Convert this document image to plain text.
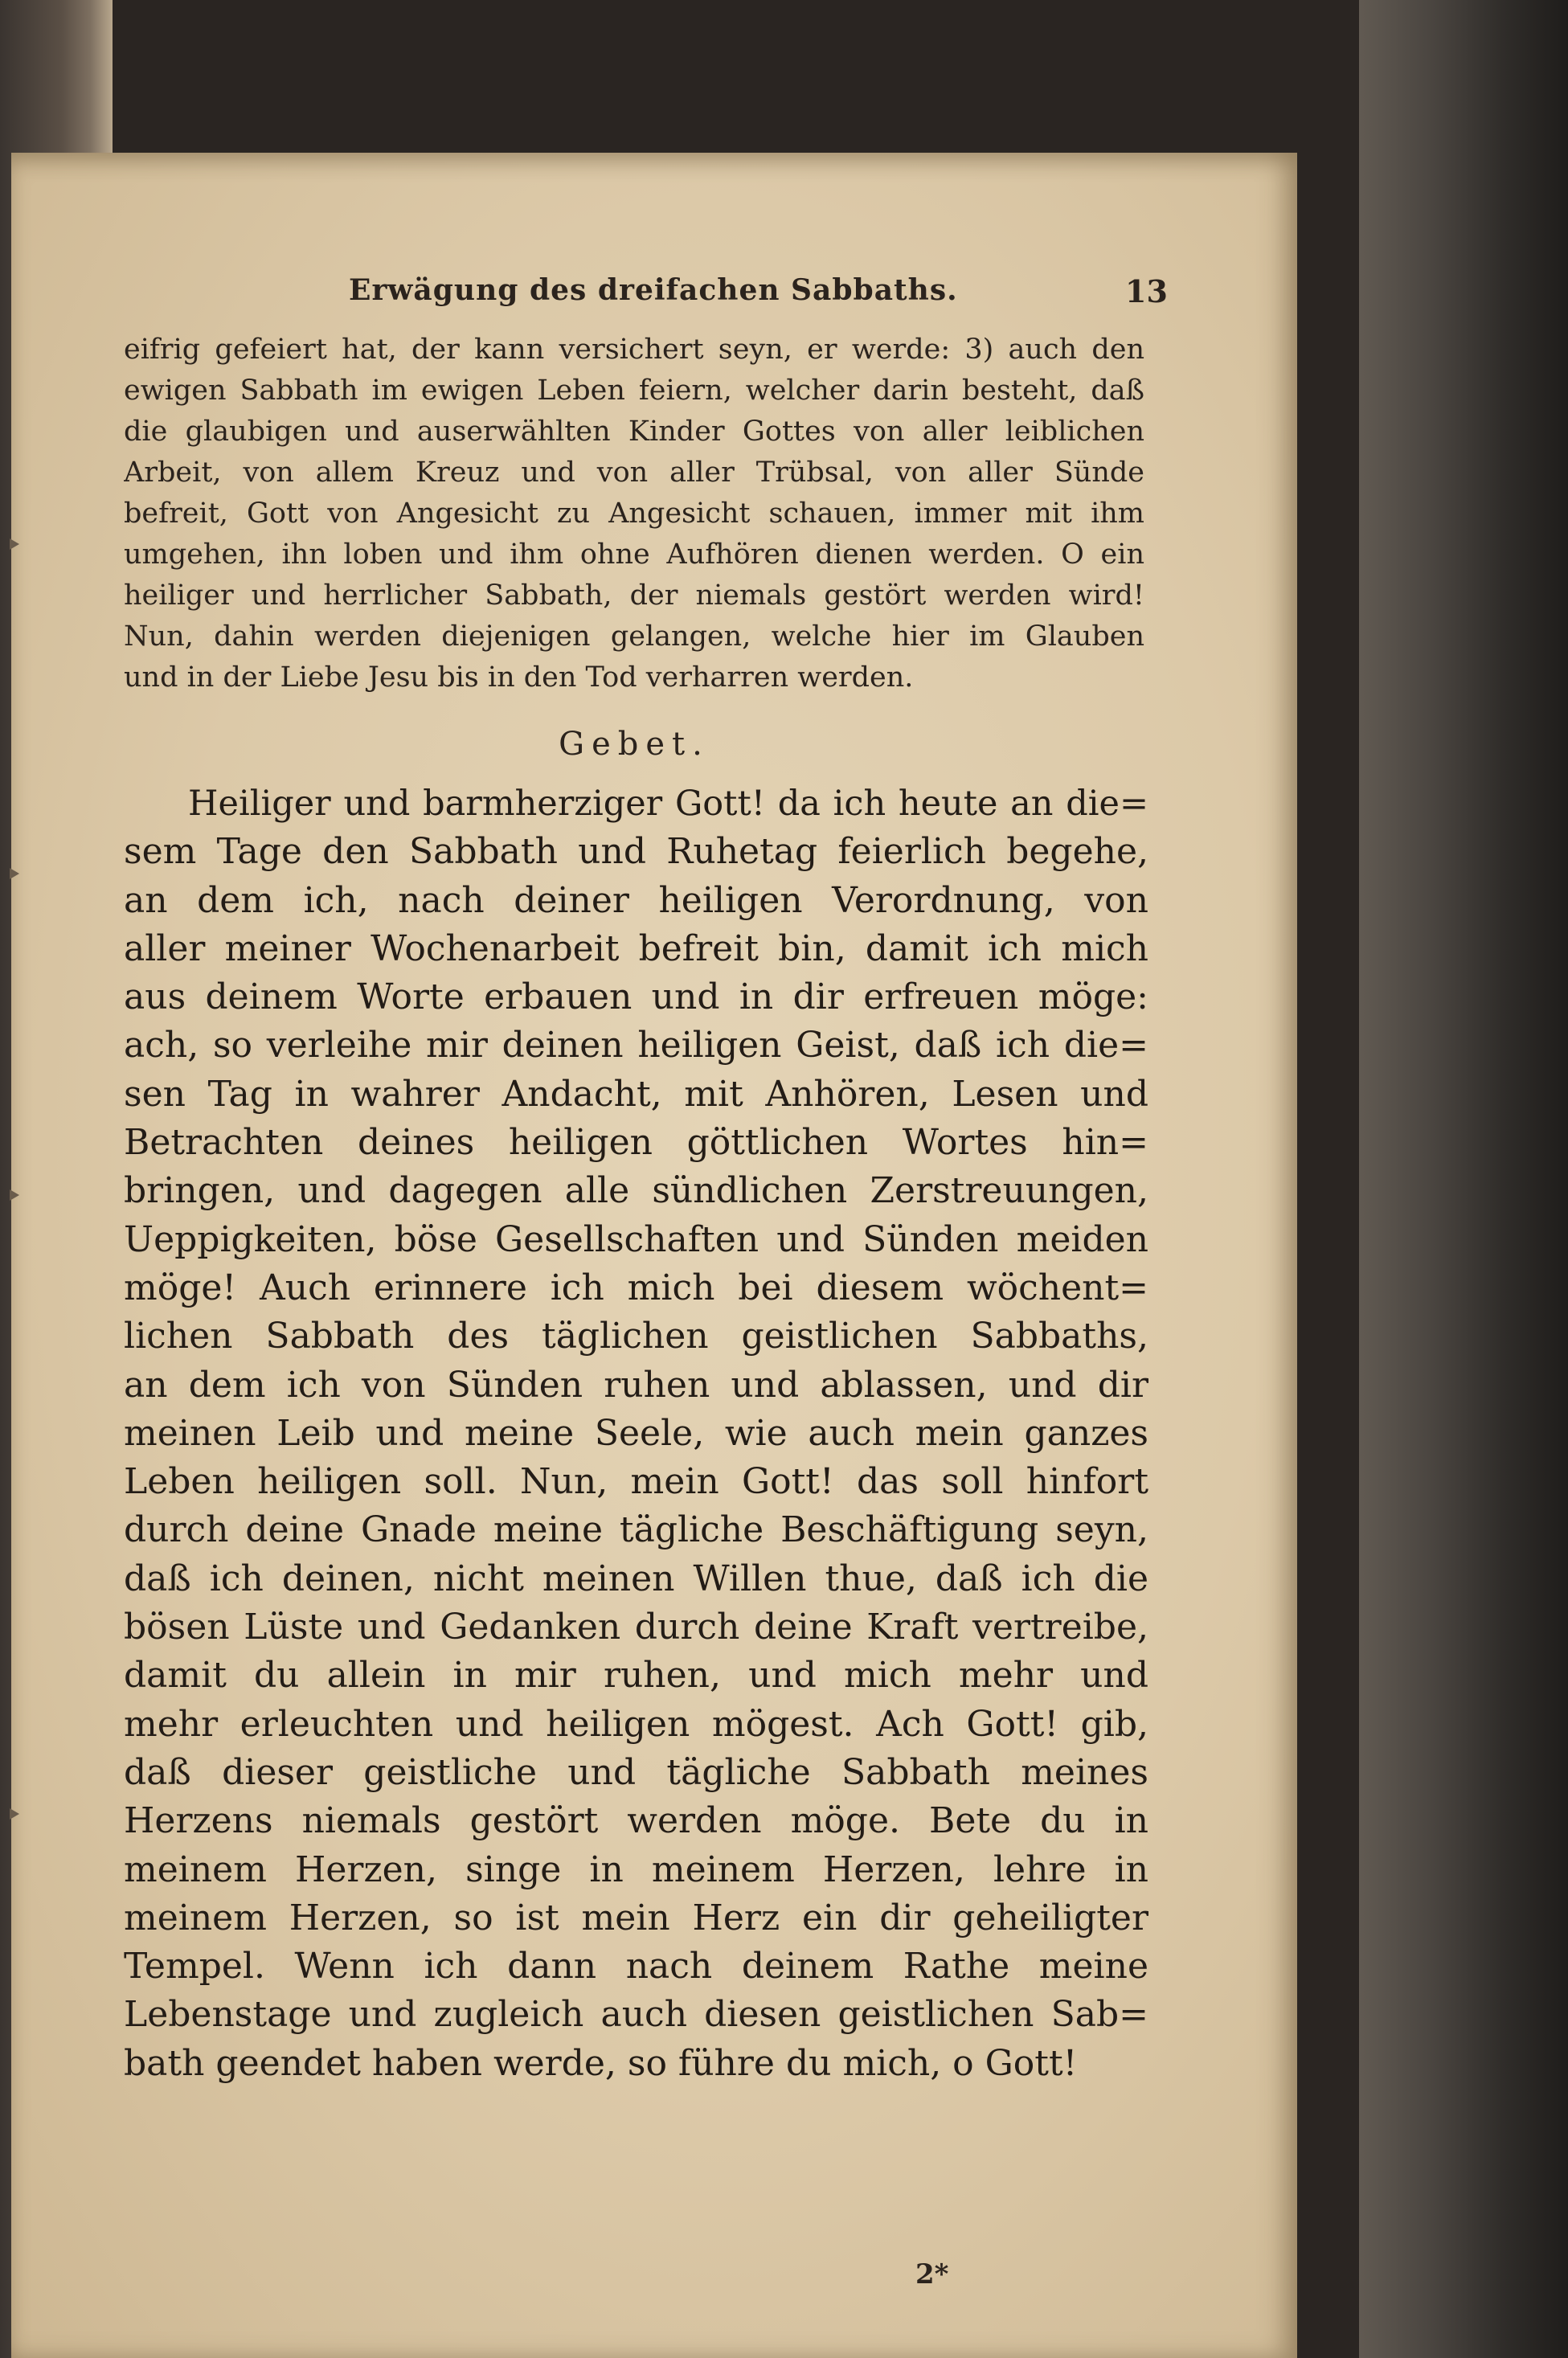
Erwägung des dreifachen Sabbaths.	13
eifrig gefeiert hat, der kann versichert seyn, er werde: 3) auch den
ewigen Sabbath im ewigen Leben feiern, welcher darin besteht, daß
die glaubigen und auserwählten Kinder Gottes von aller leiblichen
Arbeit, von allem Kreuz und von aller Trübsal, von aller Sünde
befreit, Gott von Angesicht zu Angesicht schauen, immer mit ihm
umgehen, ihn loben und ihm ohne Aufhören dienen werden. O ein
heiliger und herrlicher Sabbath, der niemals gestört werden wird!
Nun, dahin werden diejenigen gelangen, welche hier im Glauben
und in der Liebe Jesu bis in den Tod verharren werden.
Gebet.
Heiliger und barmherziger Gott! da ich heute an die=
sem Tage den Sabbath und Ruhetag feierlich begehe,
an dem ich, nach deiner heiligen Verordnung, von
aller meiner Wochenarbeit befreit bin, damit ich mich
aus deinem Worte erbauen und in dir erfreuen möge:
ach, so verleihe mir deinen heiligen Geist, daß ich die=
sen Tag in wahrer Andacht, mit Anhören, Lesen und
Betrachten deines heiligen göttlichen Wortes hin=
bringen, und dagegen alle sündlichen Zerstreuungen,
Ueppigkeiten, böse Gesellschaften und Sünden meiden
möge! Auch erinnere ich mich bei diesem wöchent=
lichen Sabbath des täglichen geistlichen Sabbaths,
an dem ich von Sünden ruhen und ablassen, und dir
meinen Leib und meine Seele, wie auch mein ganzes
Leben heiligen soll. Nun, mein Gott! das soll hinfort
durch deine Gnade meine tägliche Beschäftigung seyn,
daß ich deinen, nicht meinen Willen thue, daß ich die
bösen Lüste und Gedanken durch deine Kraft vertreibe,
damit du allein in mir ruhen, und mich mehr und
mehr erleuchten und heiligen mögest. Ach Gott! gib,
daß dieser geistliche und tägliche Sabbath meines
Herzens niemals gestört werden möge. Bete du in
meinem Herzen, singe in meinem Herzen, lehre in
meinem Herzen, so ist mein Herz ein dir geheiligter
Tempel. Wenn ich dann nach deinem Rathe meine
Lebenstage und zugleich auch diesen geistlichen Sab=
bath geendet haben werde, so führe du mich, o Gott!
2*
